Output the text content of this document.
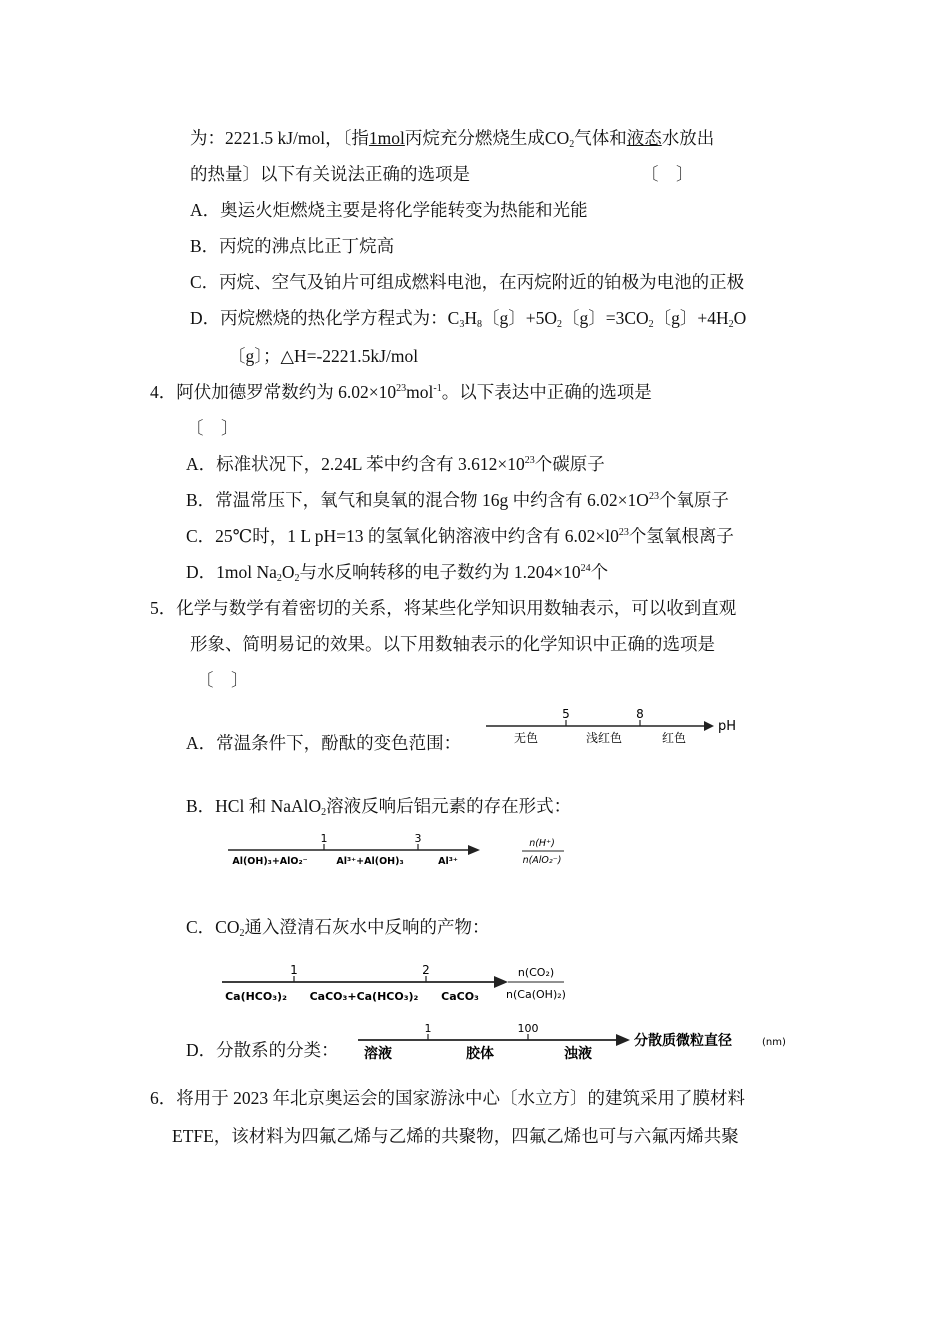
为：2221.5 kJ/mol，〔指1mol丙烷充分燃烧生成$CO_2$气体和液态水放出
的热量〕以下有关说法正确的选项是	〔　〕
A．奥运火炬燃烧主要是将化学能转变为热能和光能
B．丙烷的沸点比正丁烷高
C．丙烷、空气及铂片可组成燃料电池，在丙烷附近的铂极为电池的正极
D．丙烷燃烧的热化学方程式为：$C_3H_8$〔g〕$+5O_2$〔g〕$=3CO_2$〔g〕$+4H_2O$
〔g〕；△H=-2221.5kJ/mol
4．阿伏加德罗常数约为 $6.02\times 10^{23}mol^{-1}$。以下表达中正确的选项是
〔　〕
A．标准状况下，2.24L 苯中约含有 $3.612\times 10^{23}$个碳原子
B．常温常压下，氧气和臭氧的混合物 16g 中约含有 $6.02\times 1O^{23}$个氧原子
C．25℃时，1 L pH=13 的氢氧化钠溶液中约含有 $6.02\times l0^{23}$个氢氧根离子
D．1mol $Na_2O_2$与水反响转移的电子数约为 $1.204\times 10^{24}$个
5．化学与数学有着密切的关系，将某些化学知识用数轴表示，可以收到直观
形象、简明易记的效果。以下用数轴表示的化学知识中正确的选项是
〔　〕
A．常温条件下，酚酞的变色范围：
5	8
无色	浅红色	红色
pH
B．HCl 和 NaAlO$_2$溶液反响后铝元素的存在形式：
1	3
Al(OH)₃+AlO₂⁻	Al³⁺+Al(OH)₃	Al³⁺
n(H⁺)
n(AlO₂⁻)
C．$CO_2$通入澄清石灰水中反响的产物：
1	2
Ca(HCO₃)₂ CaCO₃+Ca(HCO₃)₂ CaCO₃
n(CO₂)
n(Ca(OH)₂)
D．分散系的分类：
1	100
溶液	胶体	浊液
分散质微粒直径	(nm)
6．将用于 2023 年北京奥运会的国家游泳中心〔水立方〕的建筑采用了膜材料
ETFE，该材料为四氟乙烯与乙烯的共聚物，四氟乙烯也可与六氟丙烯共聚
